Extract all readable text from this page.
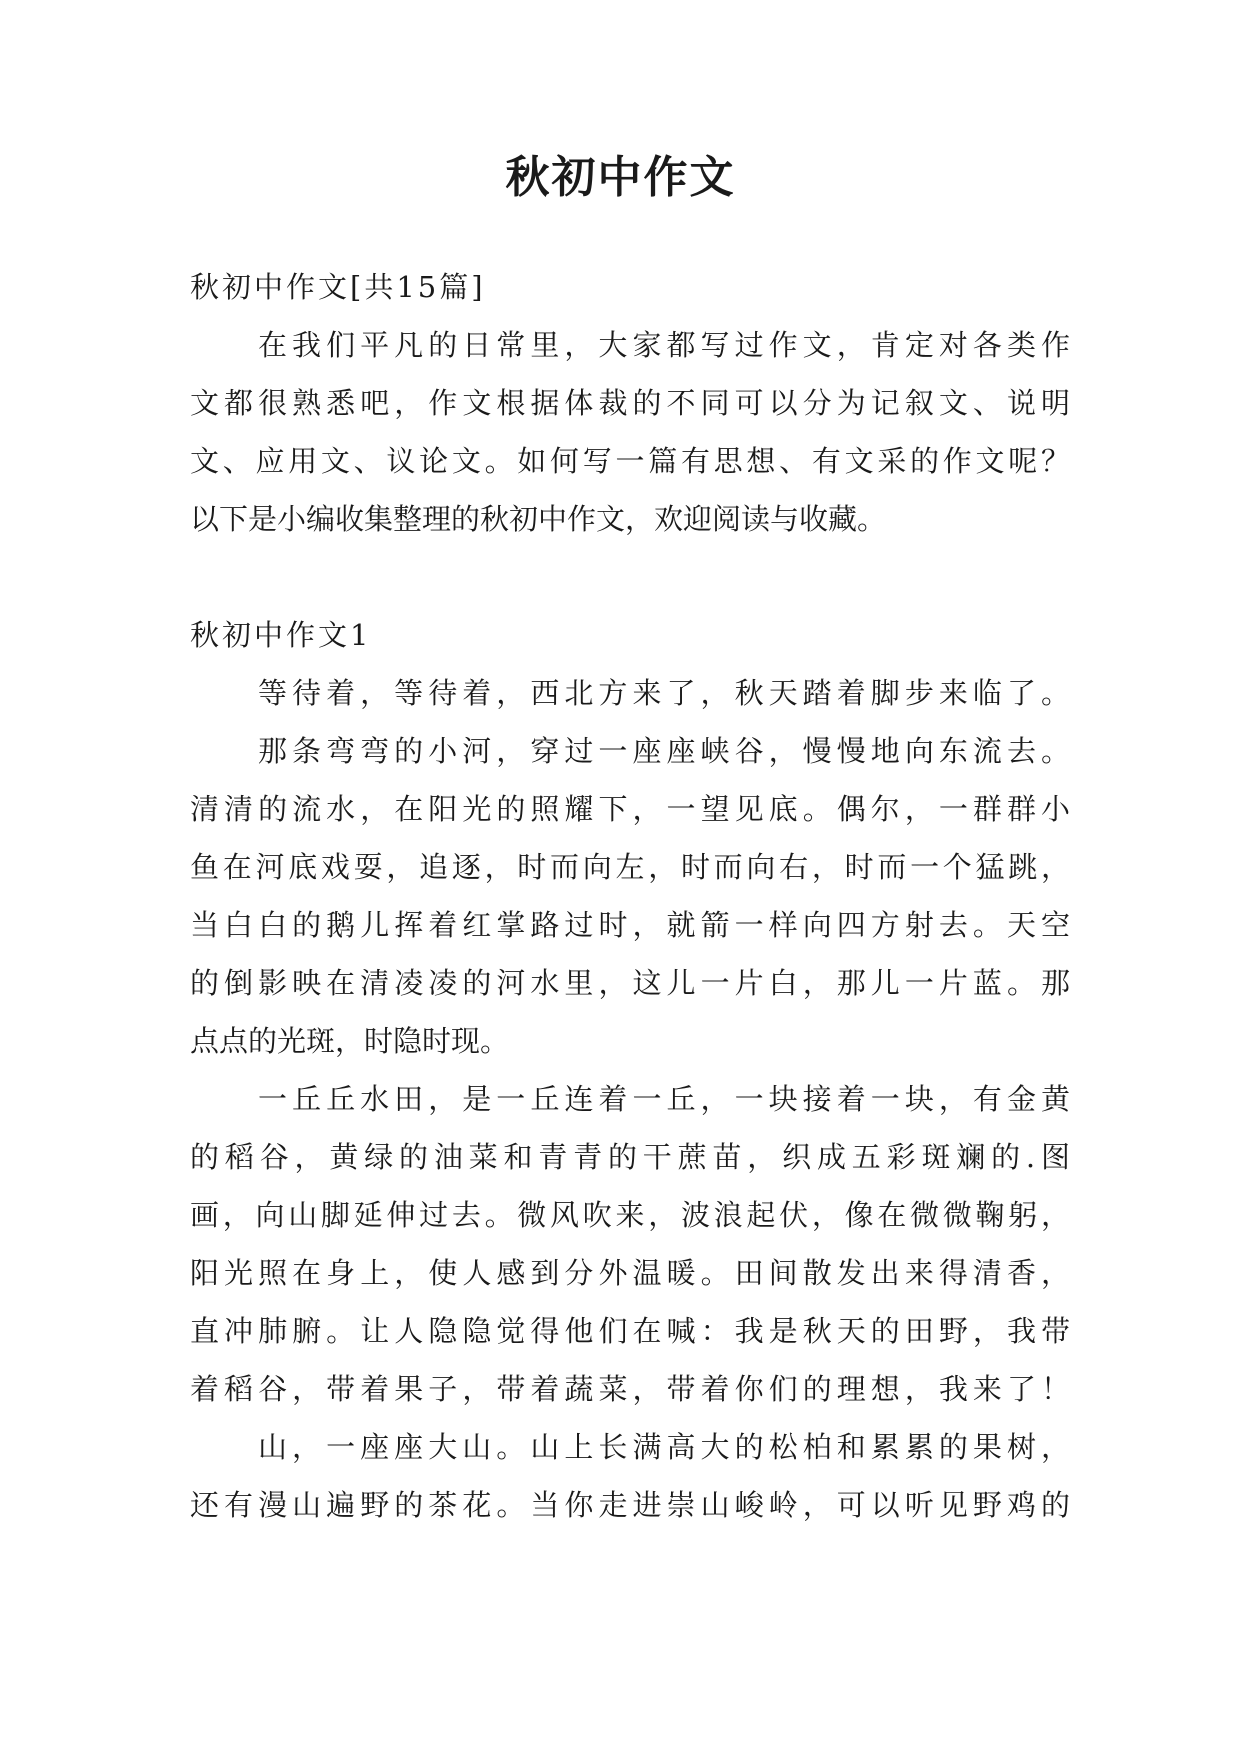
秋初中作文

秋初中作文[共15篇]

在我们平凡的日常里，大家都写过作文，肯定对各类作

文都很熟悉吧，作文根据体裁的不同可以分为记叙文、说明

文、应用文、议论文。如何写一篇有思想、有文采的作文呢？

以下是小编收集整理的秋初中作文，欢迎阅读与收藏。

秋初中作文1

等待着，等待着，西北方来了，秋天踏着脚步来临了。

那条弯弯的小河，穿过一座座峡谷，慢慢地向东流去。

清清的流水，在阳光的照耀下，一望见底。偶尔，一群群小

鱼在河底戏耍，追逐，时而向左，时而向右，时而一个猛跳，

当白白的鹅儿挥着红掌路过时，就箭一样向四方射去。天空

的倒影映在清凌凌的河水里，这儿一片白，那儿一片蓝。那

点点的光斑，时隐时现。

一丘丘水田，是一丘连着一丘，一块接着一块，有金黄

的稻谷，黄绿的油菜和青青的干蔗苗，织成五彩斑斓的.图

画，向山脚延伸过去。微风吹来，波浪起伏，像在微微鞠躬，

阳光照在身上，使人感到分外温暖。田间散发出来得清香，

直冲肺腑。让人隐隐觉得他们在喊：我是秋天的田野，我带

着稻谷，带着果子，带着蔬菜，带着你们的理想，我来了！

山，一座座大山。山上长满高大的松柏和累累的果树，

还有漫山遍野的茶花。当你走进崇山峻岭，可以听见野鸡的
